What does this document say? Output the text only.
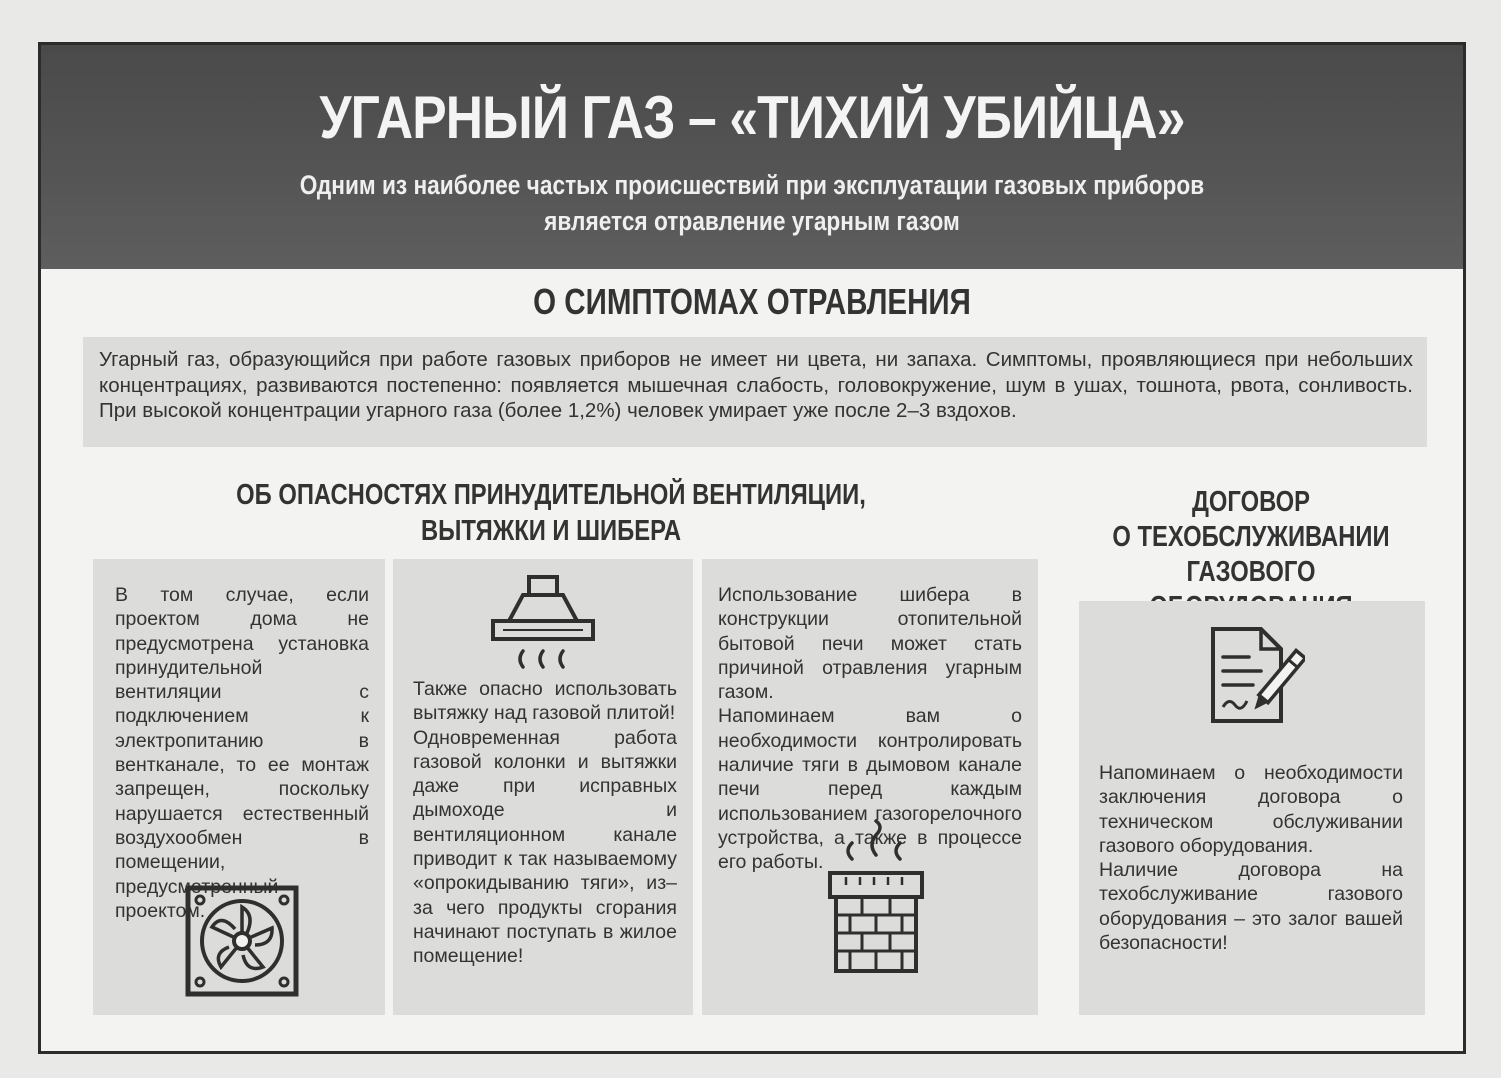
УГАРНЫЙ ГАЗ – «ТИХИЙ УБИЙЦА»
Одним из наиболее частых происшествий при эксплуатации газовых приборов
является отравление угарным газом
О СИМПТОМАХ ОТРАВЛЕНИЯ
Угарный газ, образующийся при работе газовых приборов не имеет ни цвета, ни запаха. Симптомы, проявляющиеся при небольших концентрациях, развиваются постепенно: появляется мышечная слабость, головокружение, шум в ушах, тошнота, рвота, сонливость. При высокой концентрации угарного газа (более 1,2%) человек умирает уже после 2–3 вздохов.
ОБ ОПАСНОСТЯХ ПРИНУДИТЕЛЬНОЙ ВЕНТИЛЯЦИИ,
ВЫТЯЖКИ И ШИБЕРА
ДОГОВОР
О ТЕХОБСЛУЖИВАНИИ
ГАЗОВОГО
В том случае, если проектом дома не предусмотрена установка принудительной вентиляции с подключением к электропитанию в вентканале, то ее монтаж запрещен, поскольку нарушается естественный воздухообмен в помещении, предусмотренный проектом.

Также опасно использовать вытяжку над газовой плитой!

Одновременная работа газовой колонки и вытяжки даже при исправных дымоходе и вентиляционном канале приводит к так называемому «опрокидыванию тяги», из–за чего продукты сгорания начинают поступать в жилое помещение!

Использование шибера в конструкции отопительной бытовой печи может стать причиной отравления угарным газом.

Напоминаем вам о необходимости контролировать наличие тяги в дымовом канале печи перед каждым использованием газогорелочного устройства, а также в процессе его работы.

Напоминаем о необходимости заключения договора о техническом обслуживании газового оборудования.

Наличие договора на техобслуживание газового оборудования – это залог вашей безопасности!
